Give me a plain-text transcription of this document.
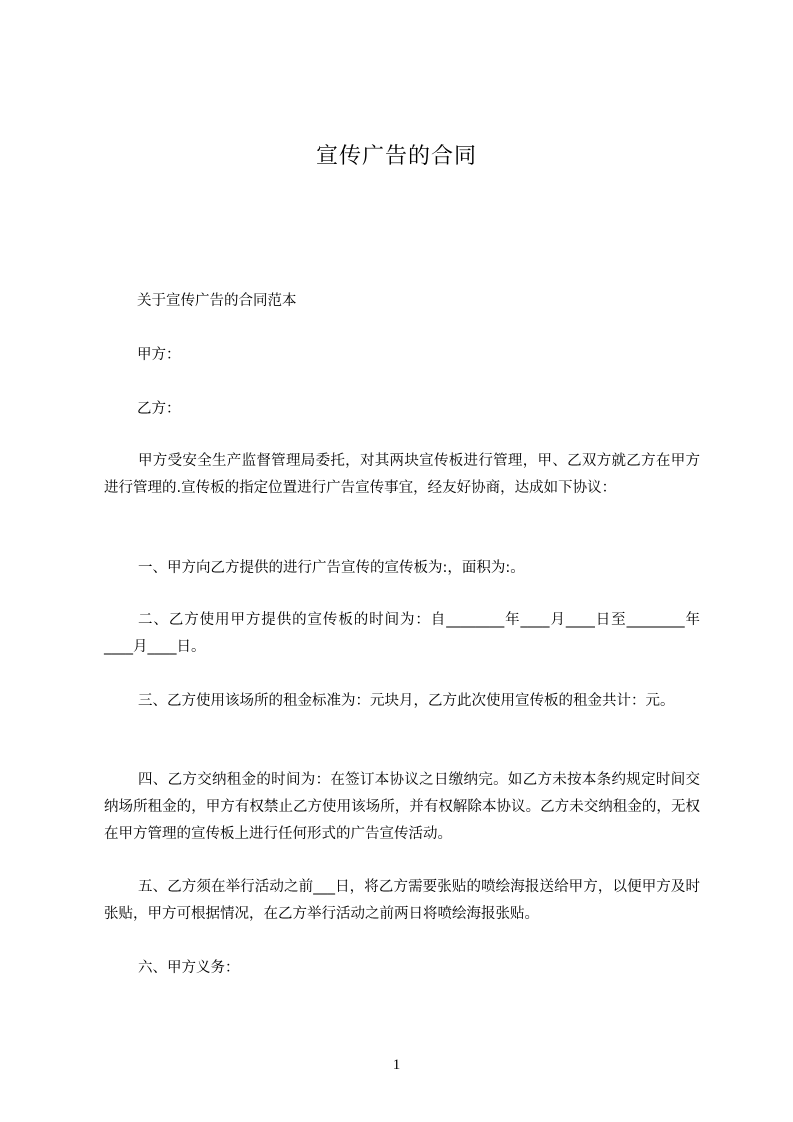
宣传广告的合同
关于宣传广告的合同范本
甲方：
乙方：
甲方受安全生产监督管理局委托，对其两块宣传板进行管理，甲、乙双方就乙方在甲方进行管理的.宣传板的指定位置进行广告宣传事宜，经友好协商，达成如下协议：
一、甲方向乙方提供的进行广告宣传的宣传板为:，面积为:。
二、乙方使用甲方提供的宣传板的时间为：自________年____月____日至________年____月____日。
三、乙方使用该场所的租金标准为：元块月，乙方此次使用宣传板的租金共计：元。
四、乙方交纳租金的时间为：在签订本协议之日缴纳完。如乙方未按本条约规定时间交纳场所租金的，甲方有权禁止乙方使用该场所，并有权解除本协议。乙方未交纳租金的，无权在甲方管理的宣传板上进行任何形式的广告宣传活动。
五、乙方须在举行活动之前___日，将乙方需要张贴的喷绘海报送给甲方，以便甲方及时张贴，甲方可根据情况，在乙方举行活动之前两日将喷绘海报张贴。
六、甲方义务：
1
